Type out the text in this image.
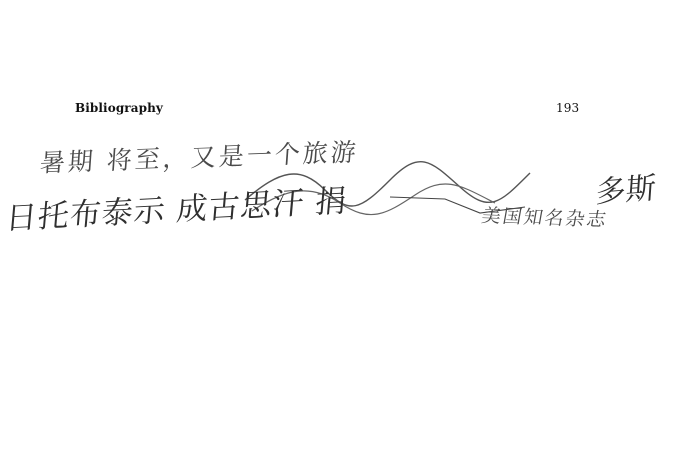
Bibliography	193
暑期 将至，又是一个旅游
日托布泰示 成古思汗 捐	美国知名杂志
多斯
